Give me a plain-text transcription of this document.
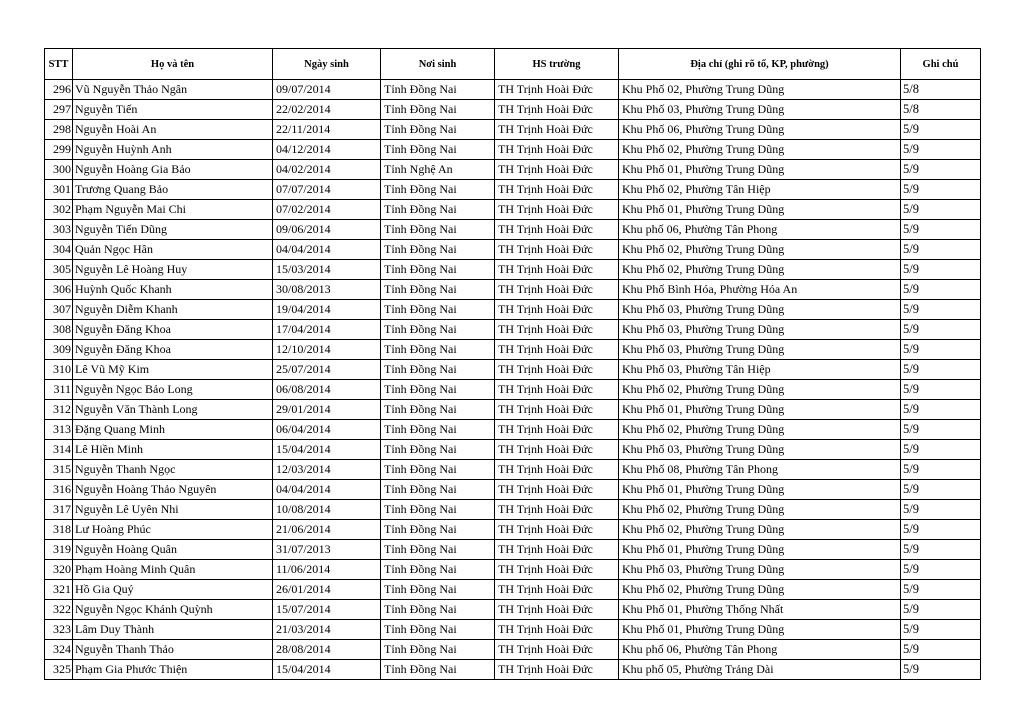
STT	Họ và tên	Ngày sinh	Nơi sinh	HS trường	Địa chỉ (ghi rõ tổ, KP, phường)	Ghi chú
296	Vũ Nguyễn Thảo Ngân	09/07/2014	Tỉnh Đồng Nai	TH Trịnh Hoài Đức	Khu Phố 02, Phường Trung Dũng	5/8
297	Nguyễn Tiến	22/02/2014	Tỉnh Đồng Nai	TH Trịnh Hoài Đức	Khu Phố 03, Phường Trung Dũng	5/8
298	Nguyễn Hoài An	22/11/2014	Tỉnh Đồng Nai	TH Trịnh Hoài Đức	Khu Phố 06, Phường Trung Dũng	5/9
299	Nguyễn Huỳnh Anh	04/12/2014	Tỉnh Đồng Nai	TH Trịnh Hoài Đức	Khu Phố 02, Phường Trung Dũng	5/9
300	Nguyễn Hoàng Gia Bảo	04/02/2014	Tỉnh Nghệ An	TH Trịnh Hoài Đức	Khu Phố 01, Phường Trung Dũng	5/9
301	Trương Quang Bảo	07/07/2014	Tỉnh Đồng Nai	TH Trịnh Hoài Đức	Khu Phố 02, Phường Tân Hiệp	5/9
302	Phạm Nguyễn Mai Chi	07/02/2014	Tỉnh Đồng Nai	TH Trịnh Hoài Đức	Khu Phố 01, Phường Trung Dũng	5/9
303	Nguyễn Tiến Dũng	09/06/2014	Tỉnh Đồng Nai	TH Trịnh Hoài Đức	Khu phố 06, Phường Tân Phong	5/9
304	Quản Ngọc Hân	04/04/2014	Tỉnh Đồng Nai	TH Trịnh Hoài Đức	Khu Phố 02, Phường Trung Dũng	5/9
305	Nguyễn Lê Hoàng Huy	15/03/2014	Tỉnh Đồng Nai	TH Trịnh Hoài Đức	Khu Phố 02, Phường Trung Dũng	5/9
306	Huỳnh Quốc Khanh	30/08/2013	Tỉnh Đồng Nai	TH Trịnh Hoài Đức	Khu Phố Bình Hóa, Phường Hóa An	5/9
307	Nguyễn Diễm Khanh	19/04/2014	Tỉnh Đồng Nai	TH Trịnh Hoài Đức	Khu Phố 03, Phường Trung Dũng	5/9
308	Nguyễn Đăng Khoa	17/04/2014	Tỉnh Đồng Nai	TH Trịnh Hoài Đức	Khu Phố 03, Phường Trung Dũng	5/9
309	Nguyễn Đăng Khoa	12/10/2014	Tỉnh Đồng Nai	TH Trịnh Hoài Đức	Khu Phố 03, Phường Trung Dũng	5/9
310	Lê Vũ Mỹ Kim	25/07/2014	Tỉnh Đồng Nai	TH Trịnh Hoài Đức	Khu Phố 03, Phường Tân Hiệp	5/9
311	Nguyễn Ngọc Bảo Long	06/08/2014	Tỉnh Đồng Nai	TH Trịnh Hoài Đức	Khu Phố 02, Phường Trung Dũng	5/9
312	Nguyễn Văn Thành Long	29/01/2014	Tỉnh Đồng Nai	TH Trịnh Hoài Đức	Khu Phố 01, Phường Trung Dũng	5/9
313	Đặng Quang Minh	06/04/2014	Tỉnh Đồng Nai	TH Trịnh Hoài Đức	Khu Phố 02, Phường Trung Dũng	5/9
314	Lê Hiền Minh	15/04/2014	Tỉnh Đồng Nai	TH Trịnh Hoài Đức	Khu Phố 03, Phường Trung Dũng	5/9
315	Nguyễn Thanh Ngọc	12/03/2014	Tỉnh Đồng Nai	TH Trịnh Hoài Đức	Khu Phố 08, Phường Tân Phong	5/9
316	Nguyễn Hoàng Thảo Nguyên	04/04/2014	Tỉnh Đồng Nai	TH Trịnh Hoài Đức	Khu Phố 01, Phường Trung Dũng	5/9
317	Nguyễn Lê Uyên Nhi	10/08/2014	Tỉnh Đồng Nai	TH Trịnh Hoài Đức	Khu Phố 02, Phường Trung Dũng	5/9
318	Lư Hoàng Phúc	21/06/2014	Tỉnh Đồng Nai	TH Trịnh Hoài Đức	Khu Phố 02, Phường Trung Dũng	5/9
319	Nguyễn Hoàng Quân	31/07/2013	Tỉnh Đồng Nai	TH Trịnh Hoài Đức	Khu Phố 01, Phường Trung Dũng	5/9
320	Phạm Hoàng Minh Quân	11/06/2014	Tỉnh Đồng Nai	TH Trịnh Hoài Đức	Khu Phố 03, Phường Trung Dũng	5/9
321	Hồ Gia Quý	26/01/2014	Tỉnh Đồng Nai	TH Trịnh Hoài Đức	Khu Phố 02, Phường Trung Dũng	5/9
322	Nguyễn Ngọc Khánh Quỳnh	15/07/2014	Tỉnh Đồng Nai	TH Trịnh Hoài Đức	Khu Phố 01, Phường Thống Nhất	5/9
323	Lâm Duy Thành	21/03/2014	Tỉnh Đồng Nai	TH Trịnh Hoài Đức	Khu Phố 01, Phường Trung Dũng	5/9
324	Nguyễn Thanh Thảo	28/08/2014	Tỉnh Đồng Nai	TH Trịnh Hoài Đức	Khu phố 06, Phường Tân Phong	5/9
325	Phạm Gia Phước Thiện	15/04/2014	Tỉnh Đồng Nai	TH Trịnh Hoài Đức	Khu phố 05, Phường Trảng Dài	5/9
